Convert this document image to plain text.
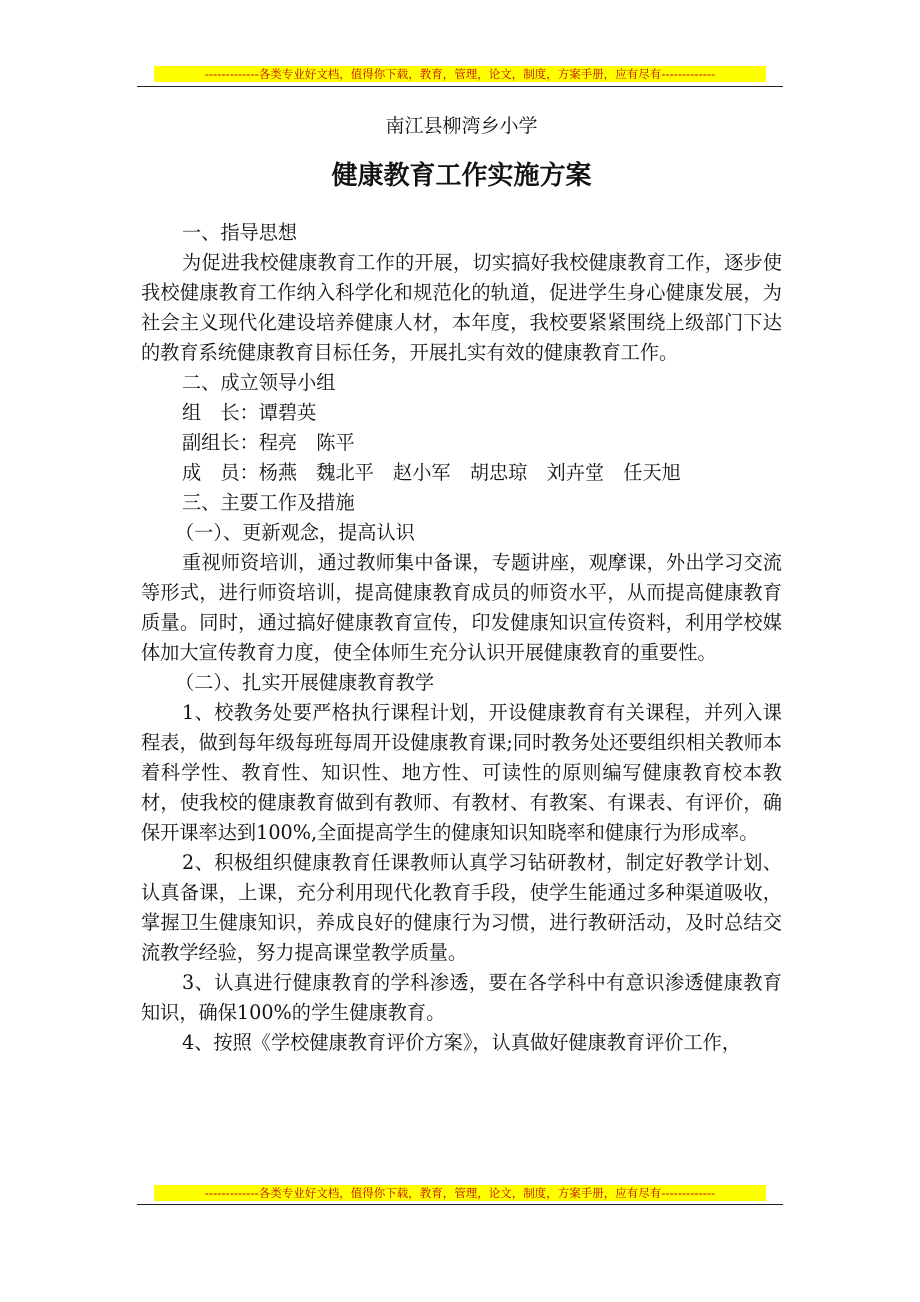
-------------各类专业好文档，值得你下载，教育，管理，论文，制度，方案手册，应有尽有-------------

南江县柳湾乡小学

健康教育工作实施方案

一、指导思想

为促进我校健康教育工作的开展，切实搞好我校健康教育工作，逐步使我校健康教育工作纳入科学化和规范化的轨道，促进学生身心健康发展，为社会主义现代化建设培养健康人材，本年度，我校要紧紧围绕上级部门下达的教育系统健康教育目标任务，开展扎实有效的健康教育工作。

二、成立领导小组

组　长：谭碧英

副组长：程亮　陈平

成　员：杨燕　魏北平　赵小军　胡忠琼　刘卉堂　任天旭

三、主要工作及措施

（一）、更新观念，提高认识

重视师资培训，通过教师集中备课，专题讲座，观摩课，外出学习交流等形式，进行师资培训，提高健康教育成员的师资水平，从而提高健康教育质量。同时，通过搞好健康教育宣传，印发健康知识宣传资料，利用学校媒体加大宣传教育力度，使全体师生充分认识开展健康教育的重要性。

（二）、扎实开展健康教育教学

1、校教务处要严格执行课程计划，开设健康教育有关课程，并列入课程表，做到每年级每班每周开设健康教育课;同时教务处还要组织相关教师本着科学性、教育性、知识性、地方性、可读性的原则编写健康教育校本教材，使我校的健康教育做到有教师、有教材、有教案、有课表、有评价，确保开课率达到100%,全面提高学生的健康知识知晓率和健康行为形成率。

2、积极组织健康教育任课教师认真学习钻研教材，制定好教学计划、认真备课，上课，充分利用现代化教育手段，使学生能通过多种渠道吸收，掌握卫生健康知识，养成良好的健康行为习惯，进行教研活动，及时总结交流教学经验，努力提高课堂教学质量。

3、认真进行健康教育的学科渗透，要在各学科中有意识渗透健康教育知识，确保100%的学生健康教育。

4、按照《学校健康教育评价方案》，认真做好健康教育评价工作，

-------------各类专业好文档，值得你下载，教育，管理，论文，制度，方案手册，应有尽有-------------
